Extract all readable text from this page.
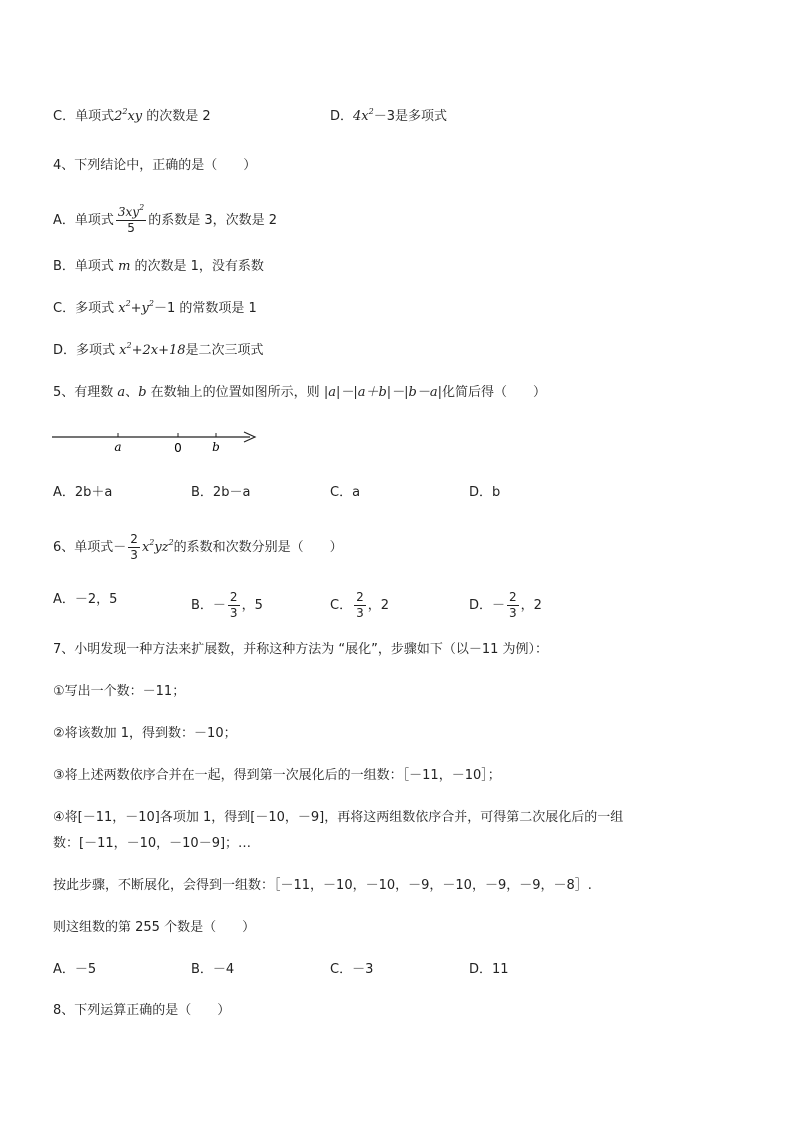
C．单项式$2^2xy$ 的次数是 2	D．$4x^2-3$是多项式
4、下列结论中，正确的是（　　）
A．单项式 $\frac{3xy^2}{5}$ 的系数是 3，次数是 2
B．单项式 m 的次数是 1，没有系数
C．多项式 $x^2+y^2-1$ 的常数项是 1
D．多项式 $x^2+2x+18$是二次三项式
5、有理数 a、b 在数轴上的位置如图所示，则 |a|－|a＋b|－|b－a|化简后得（　　）
a	0	b
A．2b＋a	B．2b－a	C．a	D．b
6、单项式－ $\frac{2}{3} x^2yz^2$的系数和次数分别是（　　）
A．－2，5	B．－ $\frac{2}{3}$ ，5	C． $\frac{2}{3}$ ，2	D．－ $\frac{2}{3}$ ，2
7、小明发现一种方法来扩展数，并称这种方法为 “展化”，步骤如下（以－11 为例）：
①写出一个数：－11；
②将该数加 1，得到数：－10；
③将上述两数依序合并在一起，得到第一次展化后的一组数：［－11，－10］；
④将[－11，－10]各项加 1，得到[－10，－9]，再将这两组数依序合并，可得第二次展化后的一组
数：[－11，－10，－10－9]；…
按此步骤，不断展化，会得到一组数：［－11，－10，－10，－9，－10，－9，－9，－8］.
则这组数的第 255 个数是（　　）
A．－5	B．－4	C．－3	D．11
8、下列运算正确的是（　　）
